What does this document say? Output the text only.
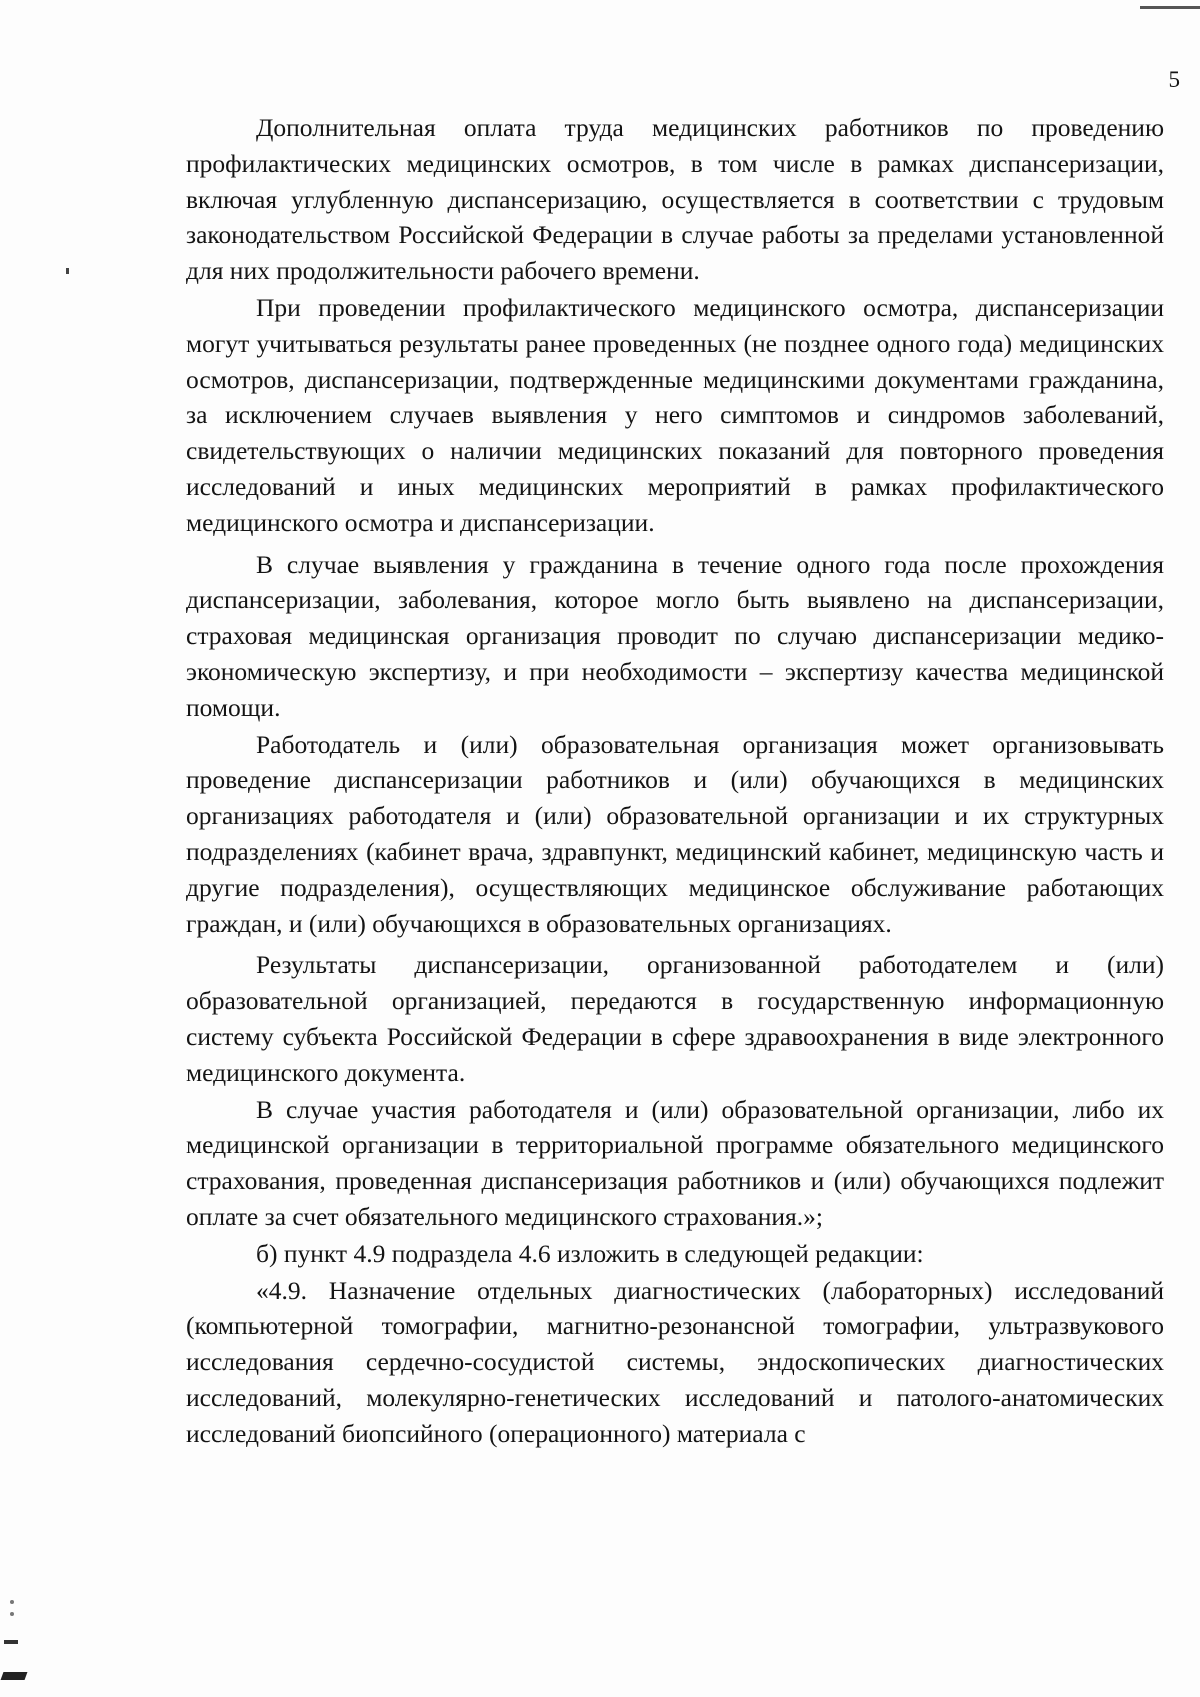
5

Дополнительная оплата труда медицинских работников по проведению профилактических медицинских осмотров, в том числе в рамках диспансеризации, включая углубленную диспансеризацию, осуществляется в соответствии с трудовым законодательством Российской Федерации в случае работы за пределами установленной для них продолжительности рабочего времени.

При проведении профилактического медицинского осмотра, диспансеризации могут учитываться результаты ранее проведенных (не позднее одного года) медицинских осмотров, диспансеризации, подтвержденные медицинскими документами гражданина, за исключением случаев выявления у него симптомов и синдромов заболеваний, свидетельствующих о наличии медицинских показаний для повторного проведения исследований и иных медицинских мероприятий в рамках профилактического медицинского осмотра и диспансеризации.

В случае выявления у гражданина в течение одного года после прохождения диспансеризации, заболевания, которое могло быть выявлено на диспансеризации, страховая медицинская организация проводит по случаю диспансеризации медико-экономическую экспертизу, и при необходимости – экспертизу качества медицинской помощи.

Работодатель и (или) образовательная организация может организовывать проведение диспансеризации работников и (или) обучающихся в медицинских организациях работодателя и (или) образовательной организации и их структурных подразделениях (кабинет врача, здравпункт, медицинский кабинет, медицинскую часть и другие подразделения), осуществляющих медицинское обслуживание работающих граждан, и (или) обучающихся в образовательных организациях.

Результаты диспансеризации, организованной работодателем и (или) образовательной организацией, передаются в государственную информационную систему субъекта Российской Федерации в сфере здравоохранения в виде электронного медицинского документа.

В случае участия работодателя и (или) образовательной организации, либо их медицинской организации в территориальной программе обязательного медицинского страхования, проведенная диспансеризация работников и (или) обучающихся подлежит оплате за счет обязательного медицинского страхования.»;

б) пункт 4.9 подраздела 4.6 изложить в следующей редакции:

«4.9. Назначение отдельных диагностических (лабораторных) исследований (компьютерной томографии, магнитно-резонансной томографии, ультразвукового исследования сердечно-сосудистой системы, эндоскопических диагностических исследований, молекулярно-генетических исследований и патолого-анатомических исследований биопсийного (операционного) материала с
